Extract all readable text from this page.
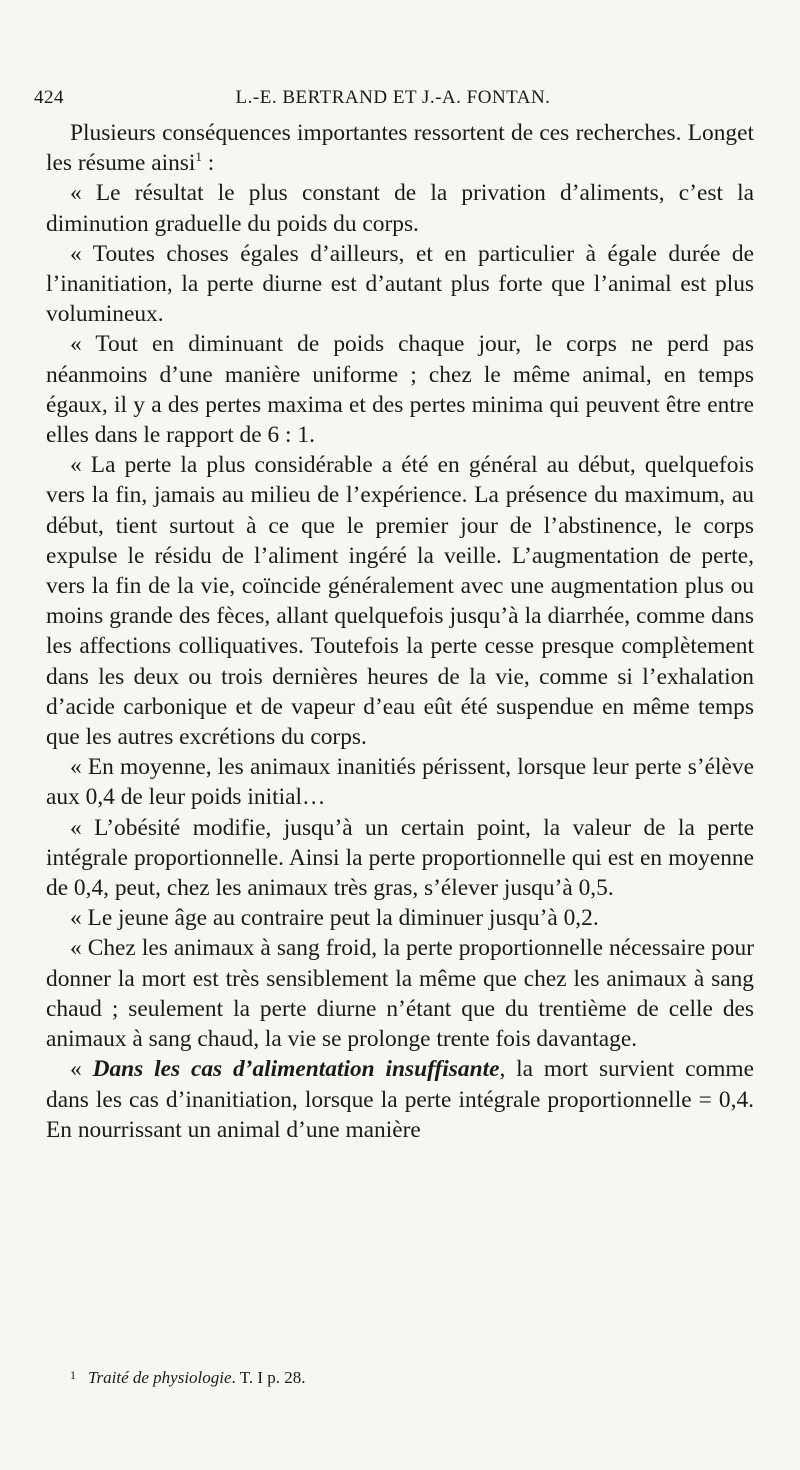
424	L.-E. BERTRAND ET J.-A. FONTAN.

Plusieurs conséquences importantes ressortent de ces recherches. Longet les résume ainsi$^1$ :

« Le résultat le plus constant de la privation d’aliments, c’est la diminution graduelle du poids du corps.

« Toutes choses égales d’ailleurs, et en particulier à égale durée de l’inanitiation, la perte diurne est d’autant plus forte que l’animal est plus volumineux.

« Tout en diminuant de poids chaque jour, le corps ne perd pas néanmoins d’une manière uniforme ; chez le même animal, en temps égaux, il y a des pertes maxima et des pertes minima qui peuvent être entre elles dans le rapport de 6 : 1.

« La perte la plus considérable a été en général au début, quelquefois vers la fin, jamais au milieu de l’expérience. La présence du maximum, au début, tient surtout à ce que le premier jour de l’abstinence, le corps expulse le résidu de l’aliment ingéré la veille. L’augmentation de perte, vers la fin de la vie, coïncide généralement avec une augmentation plus ou moins grande des fèces, allant quelquefois jusqu’à la diarrhée, comme dans les affections colliquatives. Toutefois la perte cesse presque complètement dans les deux ou trois dernières heures de la vie, comme si l’exhalation d’acide carbonique et de vapeur d’eau eût été suspendue en même temps que les autres excrétions du corps.

« En moyenne, les animaux inanitiés périssent, lorsque leur perte s’élève aux 0,4 de leur poids initial…

« L’obésité modifie, jusqu’à un certain point, la valeur de la perte intégrale proportionnelle. Ainsi la perte proportionnelle qui est en moyenne de 0,4, peut, chez les animaux très gras, s’élever jusqu’à 0,5.

« Le jeune âge au contraire peut la diminuer jusqu’à 0,2.

« Chez les animaux à sang froid, la perte proportionnelle nécessaire pour donner la mort est très sensiblement la même que chez les animaux à sang chaud ; seulement la perte diurne n’étant que du trentième de celle des animaux à sang chaud, la vie se prolonge trente fois davantage.

« Dans les cas d’alimentation insuffisante, la mort survient comme dans les cas d’inanitiation, lorsque la perte intégrale proportionnelle = 0,4. En nourrissant un animal d’une manière

$^1$ Traité de physiologie. T. I p. 28.
